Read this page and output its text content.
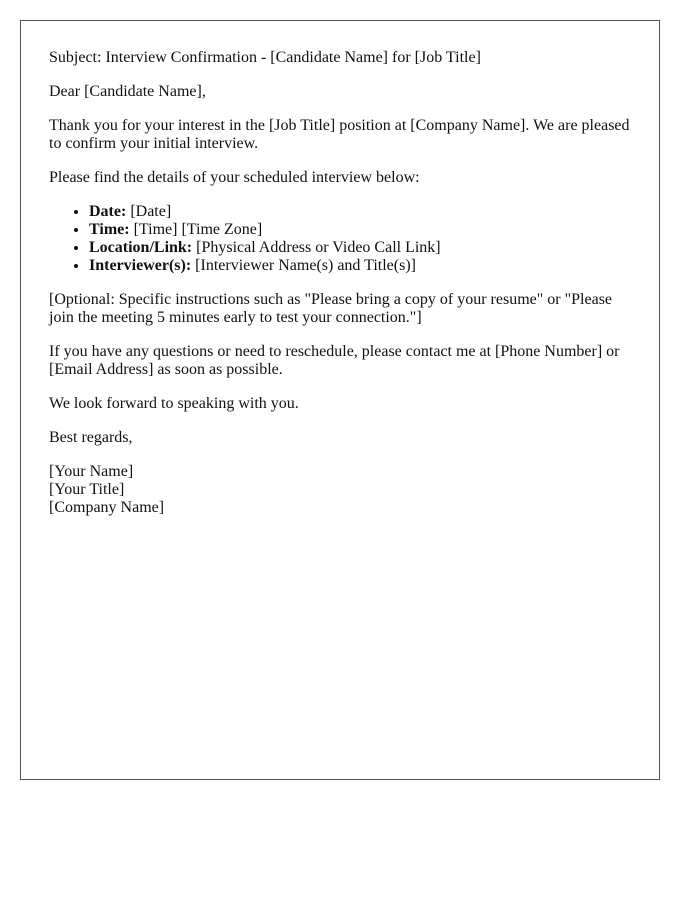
Subject: Interview Confirmation - [Candidate Name] for [Job Title]

Dear [Candidate Name],

Thank you for your interest in the [Job Title] position at [Company Name]. We are pleased to confirm your initial interview.

Please find the details of your scheduled interview below:

• Date: [Date]
• Time: [Time] [Time Zone]
• Location/Link: [Physical Address or Video Call Link]
• Interviewer(s): [Interviewer Name(s) and Title(s)]

[Optional: Specific instructions such as "Please bring a copy of your resume" or "Please join the meeting 5 minutes early to test your connection."]

If you have any questions or need to reschedule, please contact me at [Phone Number] or [Email Address] as soon as possible.

We look forward to speaking with you.

Best regards,

[Your Name]
[Your Title]
[Company Name]
